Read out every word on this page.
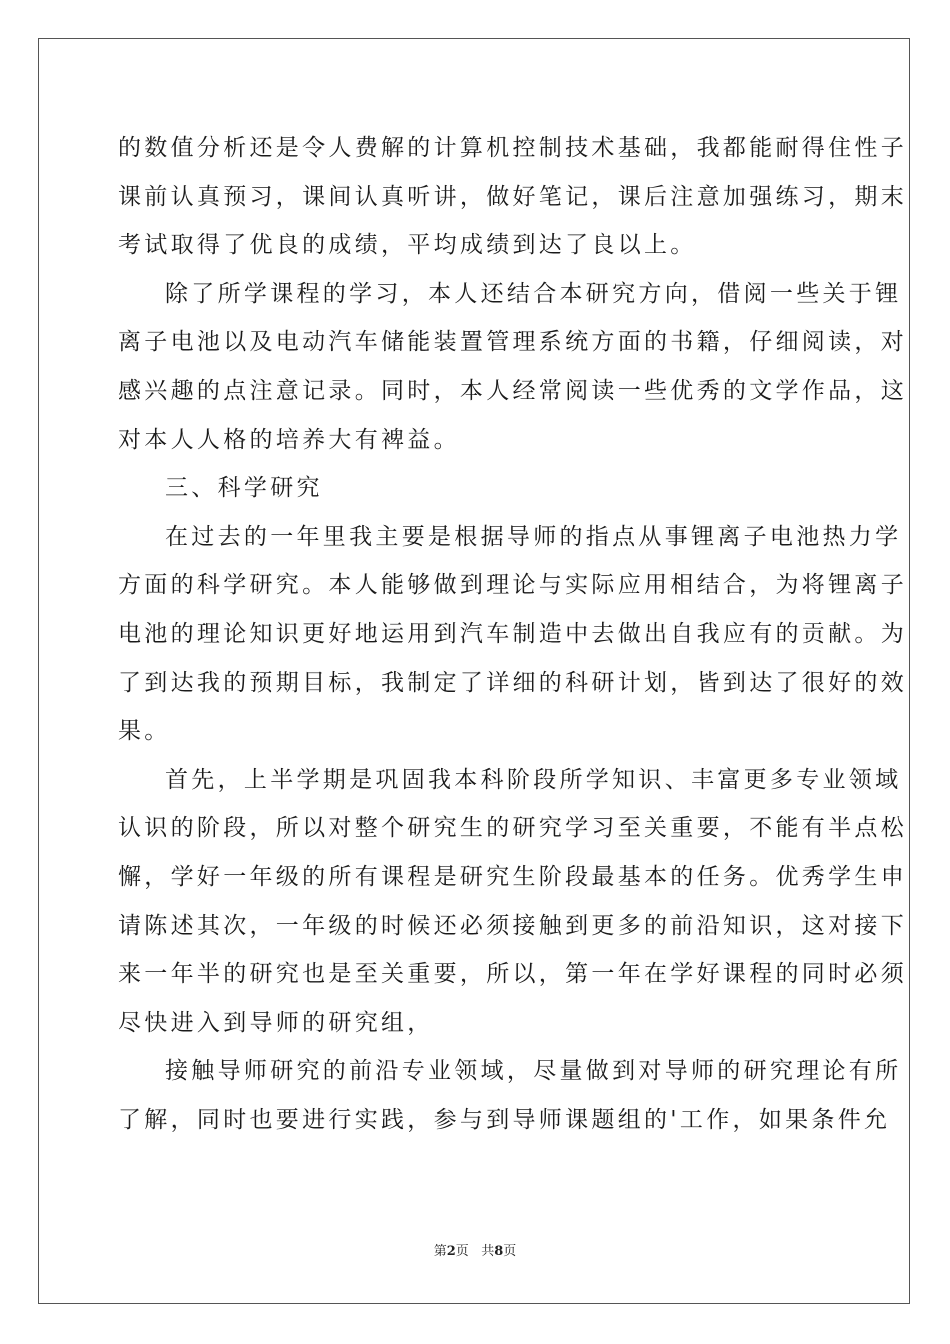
的数值分析还是令人费解的计算机控制技术基础，我都能耐得住性子
课前认真预习，课间认真听讲，做好笔记，课后注意加强练习，期末
考试取得了优良的成绩，平均成绩到达了良以上。
除了所学课程的学习，本人还结合本研究方向，借阅一些关于锂
离子电池以及电动汽车储能装置管理系统方面的书籍，仔细阅读，对
感兴趣的点注意记录。同时，本人经常阅读一些优秀的文学作品，这
对本人人格的培养大有裨益。
三、科学研究
在过去的一年里我主要是根据导师的指点从事锂离子电池热力学
方面的科学研究。本人能够做到理论与实际应用相结合，为将锂离子
电池的理论知识更好地运用到汽车制造中去做出自我应有的贡献。为
了到达我的预期目标，我制定了详细的科研计划，皆到达了很好的效
果。
首先，上半学期是巩固我本科阶段所学知识、丰富更多专业领域
认识的阶段，所以对整个研究生的研究学习至关重要，不能有半点松
懈，学好一年级的所有课程是研究生阶段最基本的任务。优秀学生申
请陈述其次，一年级的时候还必须接触到更多的前沿知识，这对接下
来一年半的研究也是至关重要，所以，第一年在学好课程的同时必须
尽快进入到导师的研究组，
接触导师研究的前沿专业领域，尽量做到对导师的研究理论有所
了解，同时也要进行实践，参与到导师课题组的'工作，如果条件允
第2页 共8页
